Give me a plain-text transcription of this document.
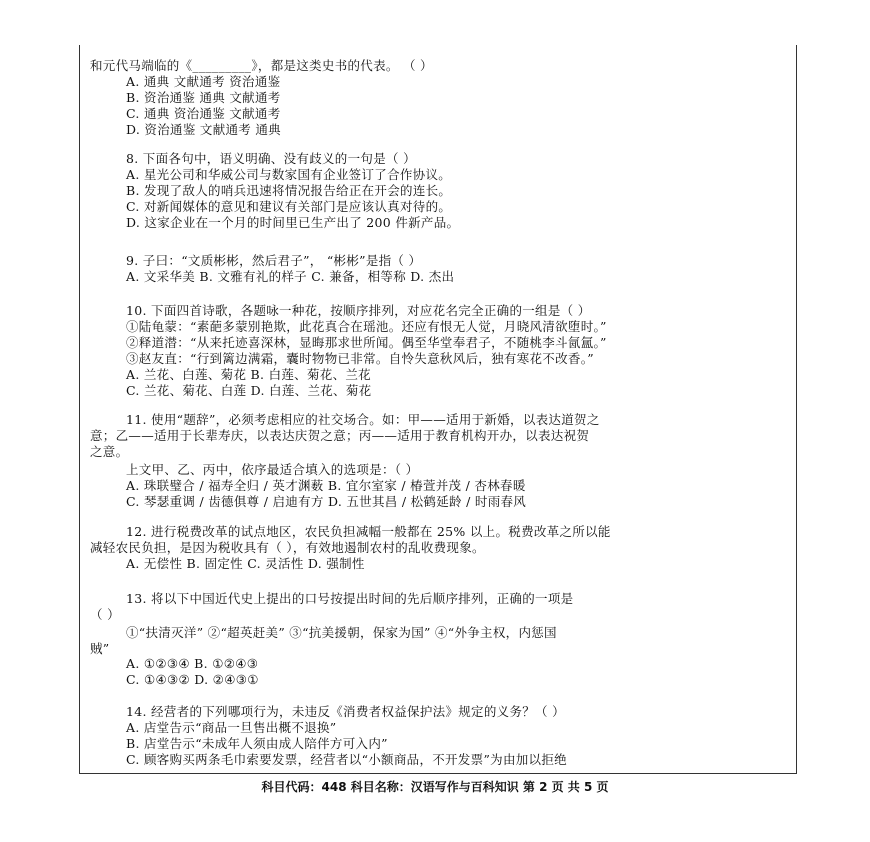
和元代马端临的《_________》，都是这类史书的代表。 （ ）
A. 通典 文献通考 资治通鉴
B. 资治通鉴 通典 文献通考
C. 通典 资治通鉴 文献通考
D. 资治通鉴 文献通考 通典
8. 下面各句中，语义明确、没有歧义的一句是（ ）
A. 星光公司和华威公司与数家国有企业签订了合作协议。
B. 发现了敌人的哨兵迅速将情况报告给正在开会的连长。
C. 对新闻媒体的意见和建议有关部门是应该认真对待的。
D. 这家企业在一个月的时间里已生产出了 200 件新产品。
9. 子曰：“文质彬彬，然后君子”， “彬彬”是指（ ）
A. 文采华美 B. 文雅有礼的样子 C. 兼备，相等称 D. 杰出
10. 下面四首诗歌，各题咏一种花，按顺序排列，对应花名完全正确的一组是（ ）
①陆龟蒙：“素葩多蒙别艳欺，此花真合在瑶池。还应有恨无人觉，月晓风清欲堕时。”
②释道潜：“从来托迹喜深林，显晦那求世所闻。偶至华堂奉君子，不随桃李斗氤氲。”
③赵友直：“行到篱边满霜，囊时物物已非常。自怜失意秋风后，独有寒花不改香。”
A. 兰花、白莲、菊花 B. 白莲、菊花、兰花
C. 兰花、菊花、白莲 D. 白莲、兰花、菊花
11. 使用“题辞”，必须考虑相应的社交场合。如：甲——适用于新婚，以表达道贺之
意；乙——适用于长辈寿庆，以表达庆贺之意；丙——适用于教育机构开办，以表达祝贺
之意。
上文甲、乙、丙中，依序最适合填入的选项是：（ ）
A. 珠联璧合 / 福寿全归 / 英才渊薮 B. 宜尔室家 / 椿萱并茂 / 杏林春暖
C. 琴瑟重调 / 齿德俱尊 / 启迪有方 D. 五世其昌 / 松鹤延龄 / 时雨春风
12. 进行税费改革的试点地区，农民负担减幅一般都在 25% 以上。税费改革之所以能
减轻农民负担，是因为税收具有（ ），有效地遏制农村的乱收费现象。
A. 无偿性 B. 固定性 C. 灵活性 D. 强制性
13. 将以下中国近代史上提出的口号按提出时间的先后顺序排列，正确的一项是
（ ）
①“扶清灭洋” ②“超英赶美” ③“抗美援朝，保家为国” ④“外争主权，内惩国
贼”
A. ①②③④ B. ①②④③
C. ①④③② D. ②④③①
14. 经营者的下列哪项行为，未违反《消费者权益保护法》规定的义务？（ ）
A. 店堂告示“商品一旦售出概不退换”
B. 店堂告示“未成年人须由成人陪伴方可入内”
C. 顾客购买两条毛巾索要发票，经营者以“小额商品，不开发票”为由加以拒绝
科目代码：448 科目名称：汉语写作与百科知识 第 2 页 共 5 页
